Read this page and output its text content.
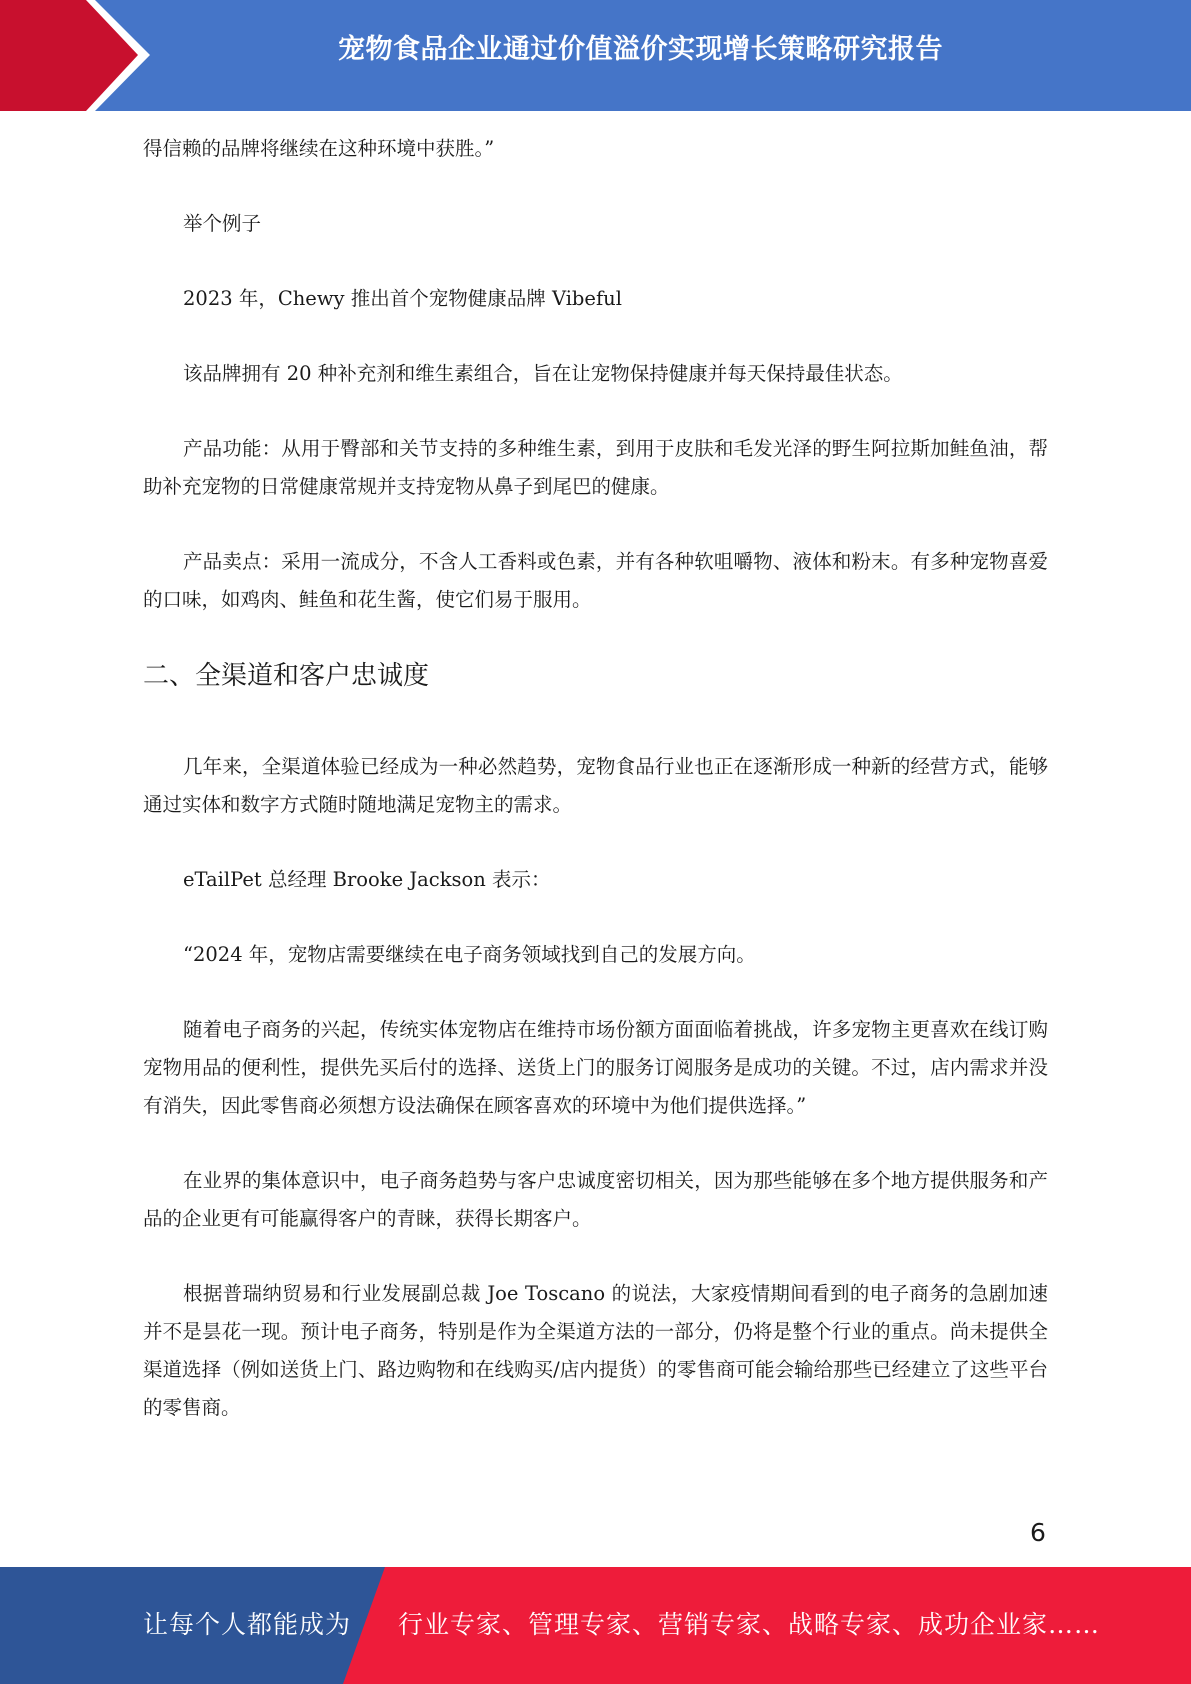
宠物食品企业通过价值溢价实现增长策略研究报告

得信赖的品牌将继续在这种环境中获胜。”

举个例子

2023 年，Chewy 推出首个宠物健康品牌 Vibeful

该品牌拥有 20 种补充剂和维生素组合，旨在让宠物保持健康并每天保持最佳状态。

产品功能：从用于臀部和关节支持的多种维生素，到用于皮肤和毛发光泽的野生阿拉斯加鲑鱼油，帮助补充宠物的日常健康常规并支持宠物从鼻子到尾巴的健康。

产品卖点：采用一流成分，不含人工香料或色素，并有各种软咀嚼物、液体和粉末。有多种宠物喜爱的口味，如鸡肉、鲑鱼和花生酱，使它们易于服用。

二、全渠道和客户忠诚度

几年来，全渠道体验已经成为一种必然趋势，宠物食品行业也正在逐渐形成一种新的经营方式，能够通过实体和数字方式随时随地满足宠物主的需求。

eTailPet 总经理 Brooke Jackson 表示：

“2024 年，宠物店需要继续在电子商务领域找到自己的发展方向。

随着电子商务的兴起，传统实体宠物店在维持市场份额方面面临着挑战，许多宠物主更喜欢在线订购宠物用品的便利性，提供先买后付的选择、送货上门的服务订阅服务是成功的关键。不过，店内需求并没有消失，因此零售商必须想方设法确保在顾客喜欢的环境中为他们提供选择。”

在业界的集体意识中，电子商务趋势与客户忠诚度密切相关，因为那些能够在多个地方提供服务和产品的企业更有可能赢得客户的青睐，获得长期客户。

根据普瑞纳贸易和行业发展副总裁 Joe Toscano 的说法，大家疫情期间看到的电子商务的急剧加速并不是昙花一现。预计电子商务，特别是作为全渠道方法的一部分，仍将是整个行业的重点。尚未提供全渠道选择（例如送货上门、路边购物和在线购买/店内提货）的零售商可能会输给那些已经建立了这些平台的零售商。

6
让每个人都能成为 行业专家、管理专家、营销专家、战略专家、成功企业家……
